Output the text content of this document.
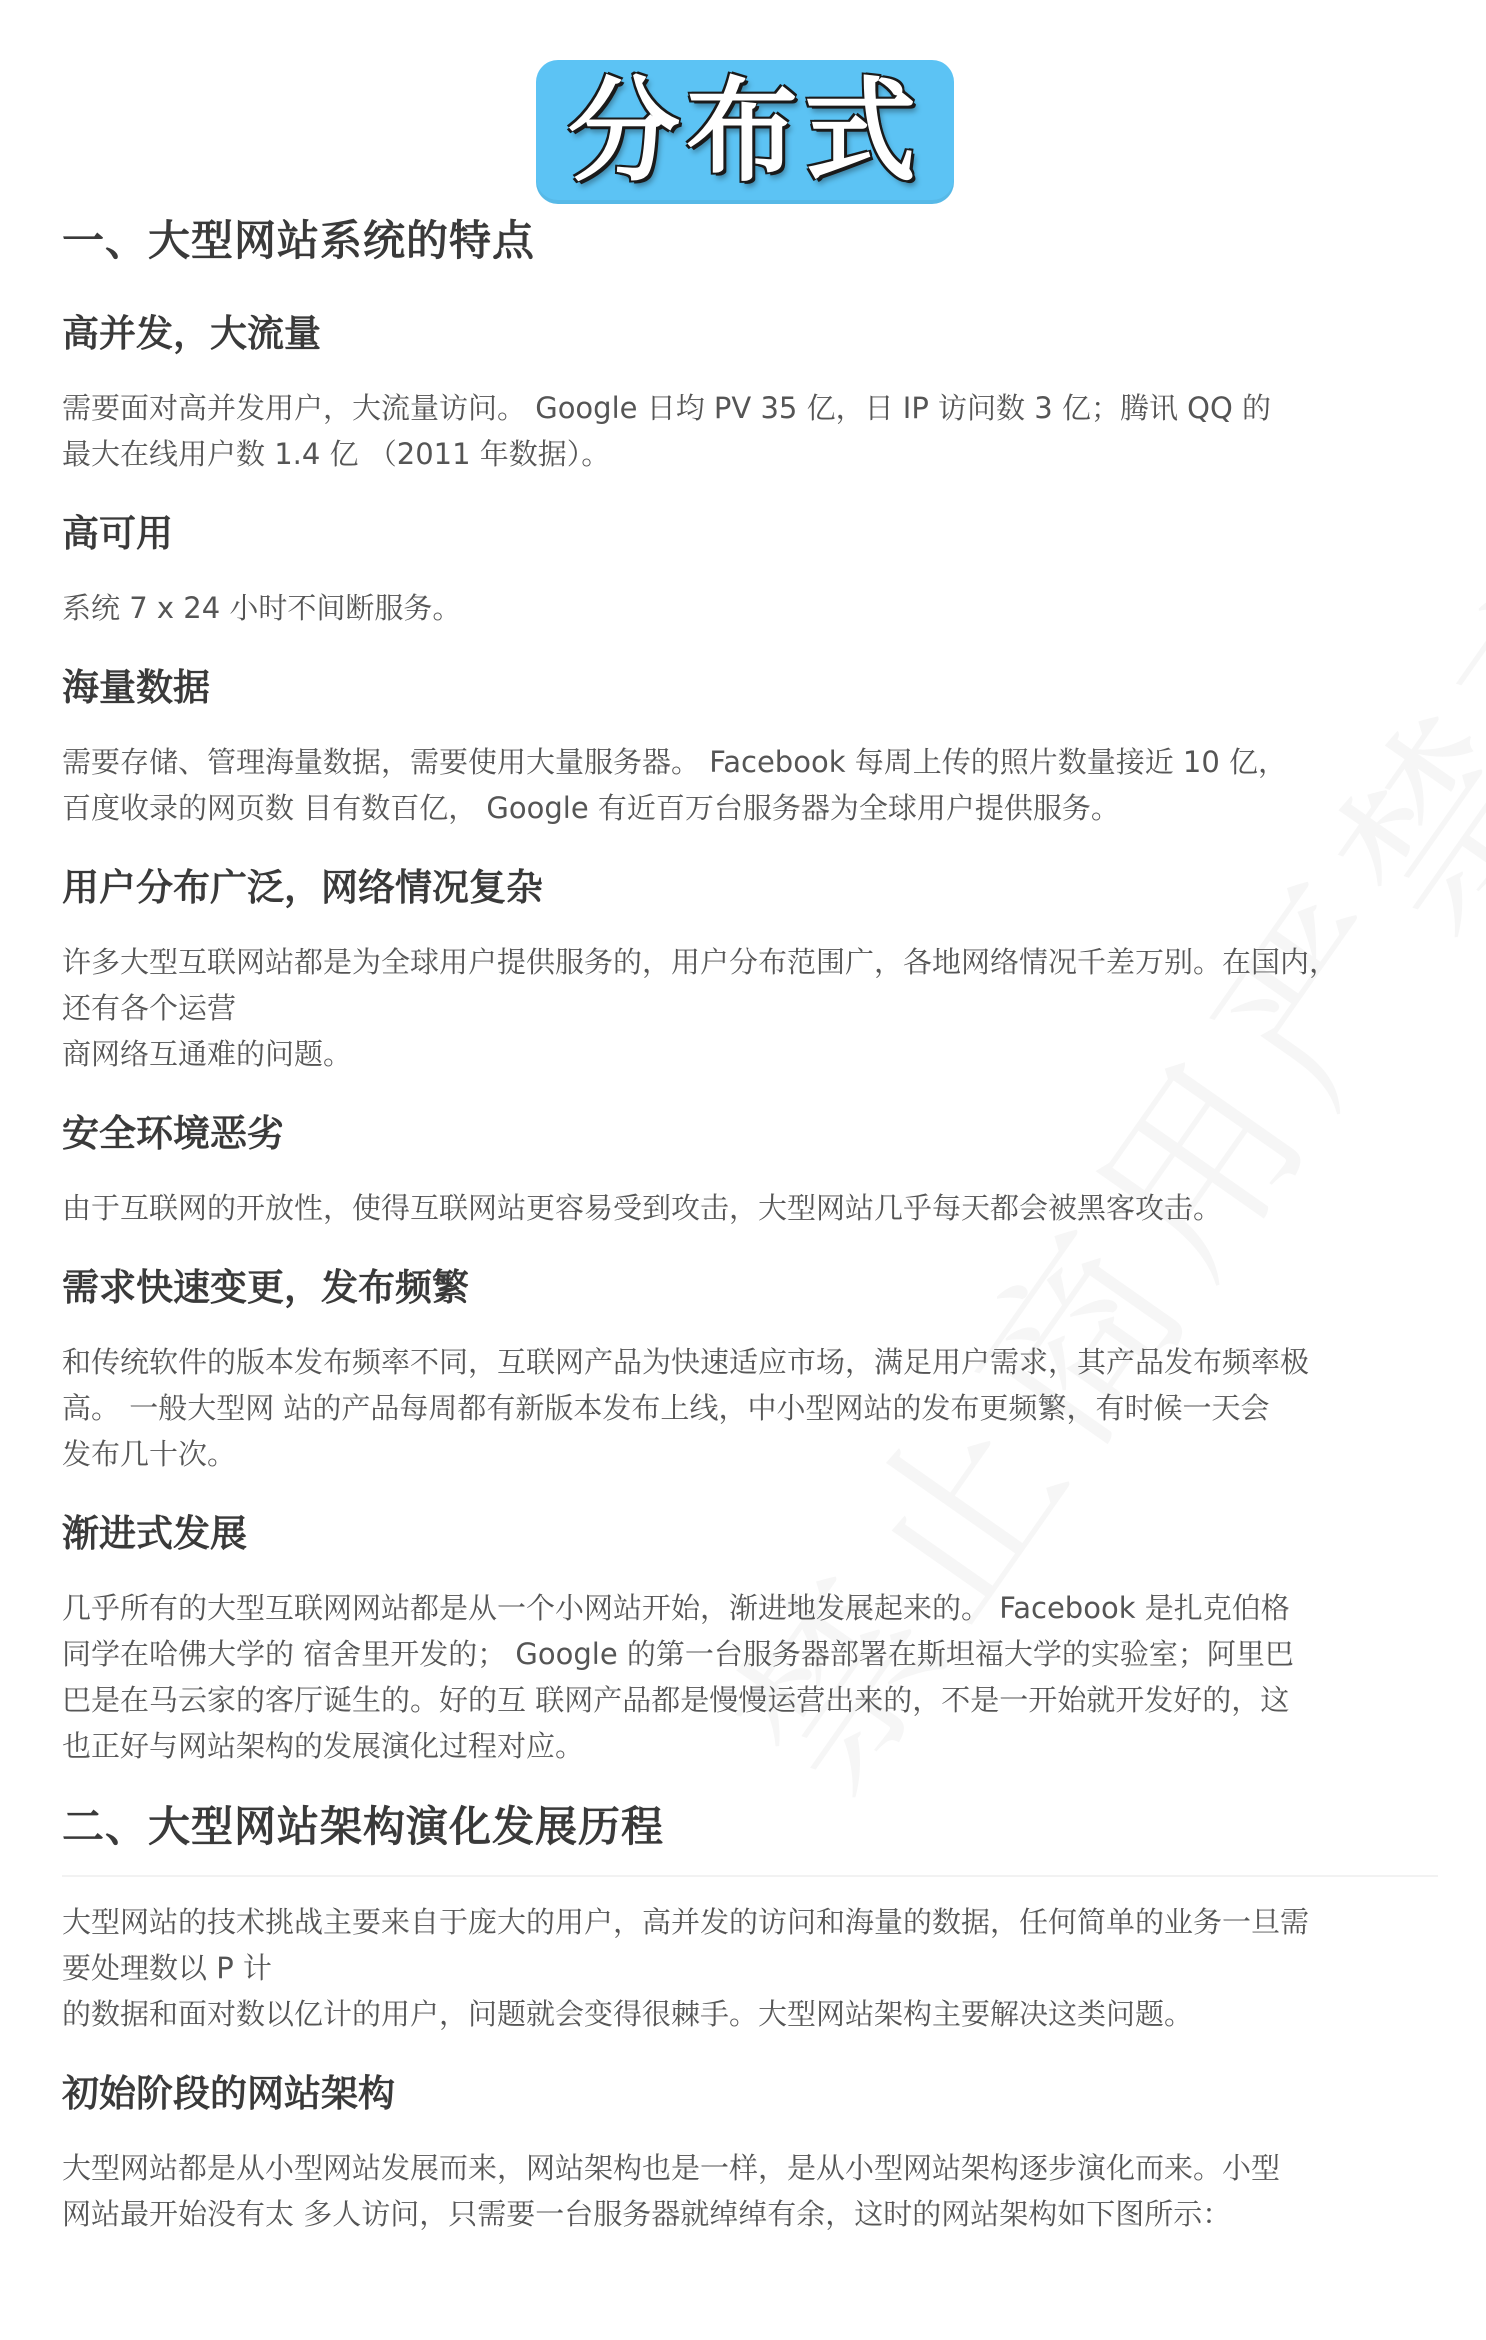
分布式
一、大型网站系统的特点
高并发，大流量

需要面对高并发用户，大流量访问。 Google 日均 PV 35 亿，日 IP 访问数 3 亿；腾讯 QQ 的
最大在线用户数 1.4 亿 （2011 年数据）。

高可用

系统 7 x 24 小时不间断服务。

海量数据

需要存储、管理海量数据，需要使用大量服务器。 Facebook 每周上传的照片数量接近 10 亿，
百度收录的网页数 目有数百亿， Google 有近百万台服务器为全球用户提供服务。

用户分布广泛，网络情况复杂

许多大型互联网站都是为全球用户提供服务的，用户分布范围广，各地网络情况千差万别。在国内，
还有各个运营
商网络互通难的问题。

安全环境恶劣

由于互联网的开放性，使得互联网站更容易受到攻击，大型网站几乎每天都会被黑客攻击。

需求快速变更，发布频繁

和传统软件的版本发布频率不同，互联网产品为快速适应市场，满足用户需求，其产品发布频率极
高。 一般大型网 站的产品每周都有新版本发布上线，中小型网站的发布更频繁，有时候一天会
发布几十次。

渐进式发展

几乎所有的大型互联网网站都是从一个小网站开始，渐进地发展起来的。 Facebook 是扎克伯格
同学在哈佛大学的 宿舍里开发的； Google 的第一台服务器部署在斯坦福大学的实验室；阿里巴
巴是在马云家的客厅诞生的。好的互 联网产品都是慢慢运营出来的，不是一开始就开发好的，这
也正好与网站架构的发展演化过程对应。

二、大型网站架构演化发展历程

大型网站的技术挑战主要来自于庞大的用户，高并发的访问和海量的数据，任何简单的业务一旦需
要处理数以 P 计
的数据和面对数以亿计的用户，问题就会变得很棘手。大型网站架构主要解决这类问题。

初始阶段的网站架构

大型网站都是从小型网站发展而来，网站架构也是一样，是从小型网站架构逐步演化而来。小型
网站最开始没有太 多人访问，只需要一台服务器就绰绰有余，这时的网站架构如下图所示：
